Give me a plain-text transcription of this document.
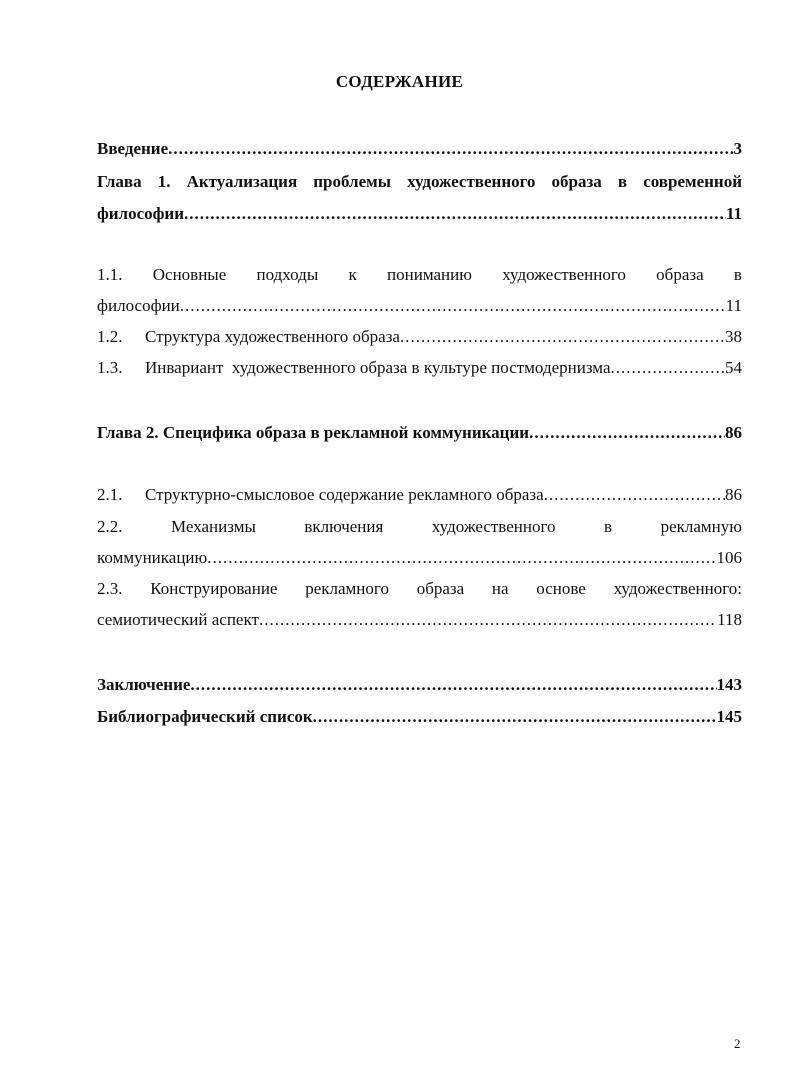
СОДЕРЖАНИЕ
Введение .....	3
Глава 1. Актуализация проблемы художественного образа в современной
философии .....	11
1.1. Основные подходы к пониманию художественного образа в
философии .....	11
1.2.	Структура художественного образа .....	38
1.3.	Инвариант  художественного образа в культуре постмодернизма .....	54
Глава 2. Специфика образа в рекламной коммуникации .....	86
2.1.	Структурно-смысловое содержание рекламного образа .....	86
2.2.	Механизмы	включения	художественного	в	рекламную
коммуникацию .....	106
2.3. Конструирование рекламного образа на основе художественного:
семиотический аспект .....	118
Заключение .....	143
Библиографический список .....	145
2
